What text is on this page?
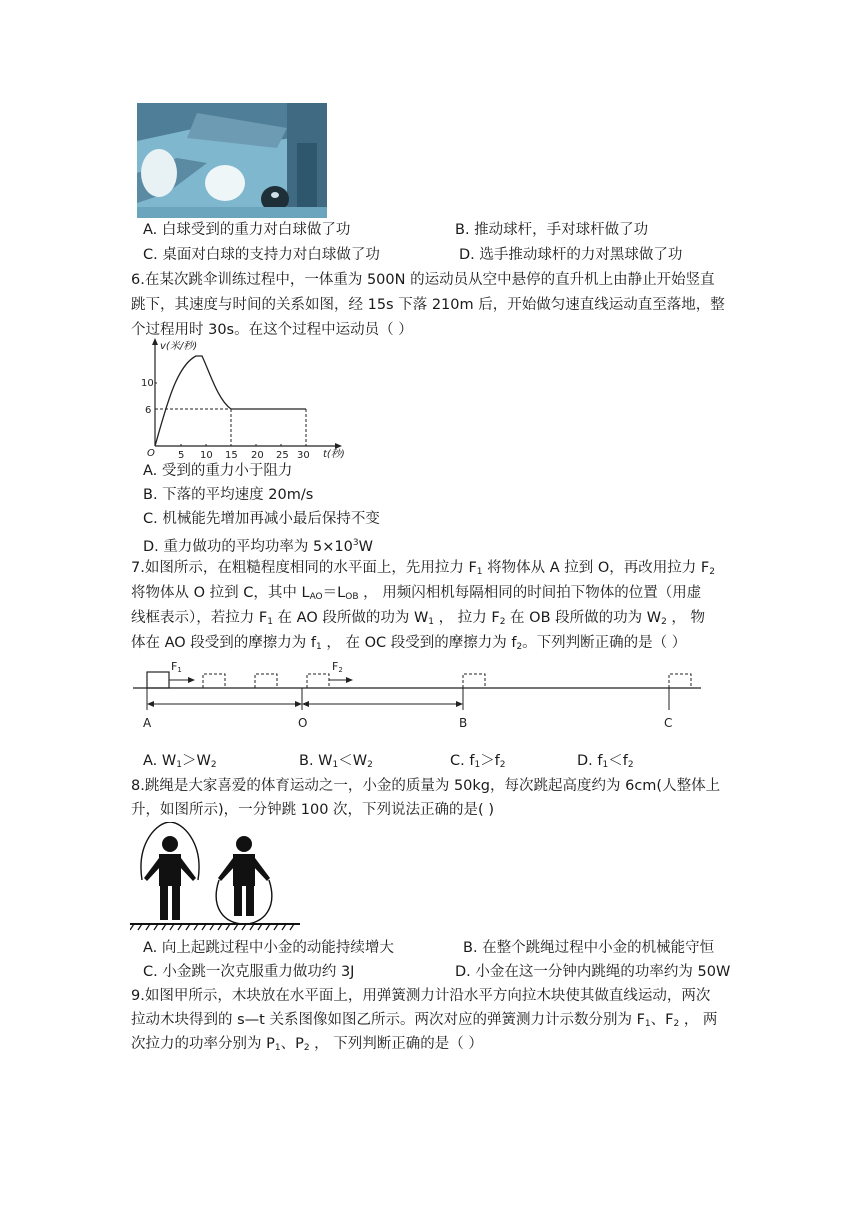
A. 白球受到的重力对白球做了功	B. 推动球杆，手对球杆做了功
C. 桌面对白球的支持力对白球做了功	D. 选手推动球杆的力对黑球做了功
6.在某次跳伞训练过程中，一体重为 500N 的运动员从空中悬停的直升机上由静止开始竖直
跳下，其速度与时间的关系如图，经 15s 下落 210m 后，开始做匀速直线运动直至落地，整
个过程用时 30s。在这个过程中运动员（ ）
v(米/秒)
t(秒)
O
10
6
5 10 15 20 25 30
A. 受到的重力小于阻力
B. 下落的平均速度 20m/s
C. 机械能先增加再减小最后保持不变
D. 重力做功的平均功率为 $5\times 10^3W$
7.如图所示，在粗糙程度相同的水平面上，先用拉力 F1 将物体从 A 拉到 O，再改用拉力 F2
将物体从 O 拉到 C，其中 LAO＝LOB ， 用频闪相机每隔相同的时间拍下物体的位置（用虚
线框表示），若拉力 F1 在 AO 段所做的功为 W1 ， 拉力 F2 在 OB 段所做的功为 W2 ， 物
体在 AO 段受到的摩擦力为 f1 ， 在 OC 段受到的摩擦力为 f2。下列判断正确的是（ ）
F1	F2
A	O	B	C
A. W1＞W2	B. W1＜W2	C. f1＞f2	D. f1＜f2
8.跳绳是大家喜爱的体育运动之一，小金的质量为 50kg，每次跳起高度约为 6cm(人整体上
升，如图所示)，一分钟跳 100 次，下列说法正确的是( )
A. 向上起跳过程中小金的动能持续增大	B. 在整个跳绳过程中小金的机械能守恒
C. 小金跳一次克服重力做功约 3J	D. 小金在这一分钟内跳绳的功率约为 50W
9.如图甲所示，木块放在水平面上，用弹簧测力计沿水平方向拉木块使其做直线运动，两次
拉动木块得到的 s—t 关系图像如图乙所示。两次对应的弹簧测力计示数分别为 F1、F2 ， 两
次拉力的功率分别为 P1、P2 ， 下列判断正确的是（ ）
